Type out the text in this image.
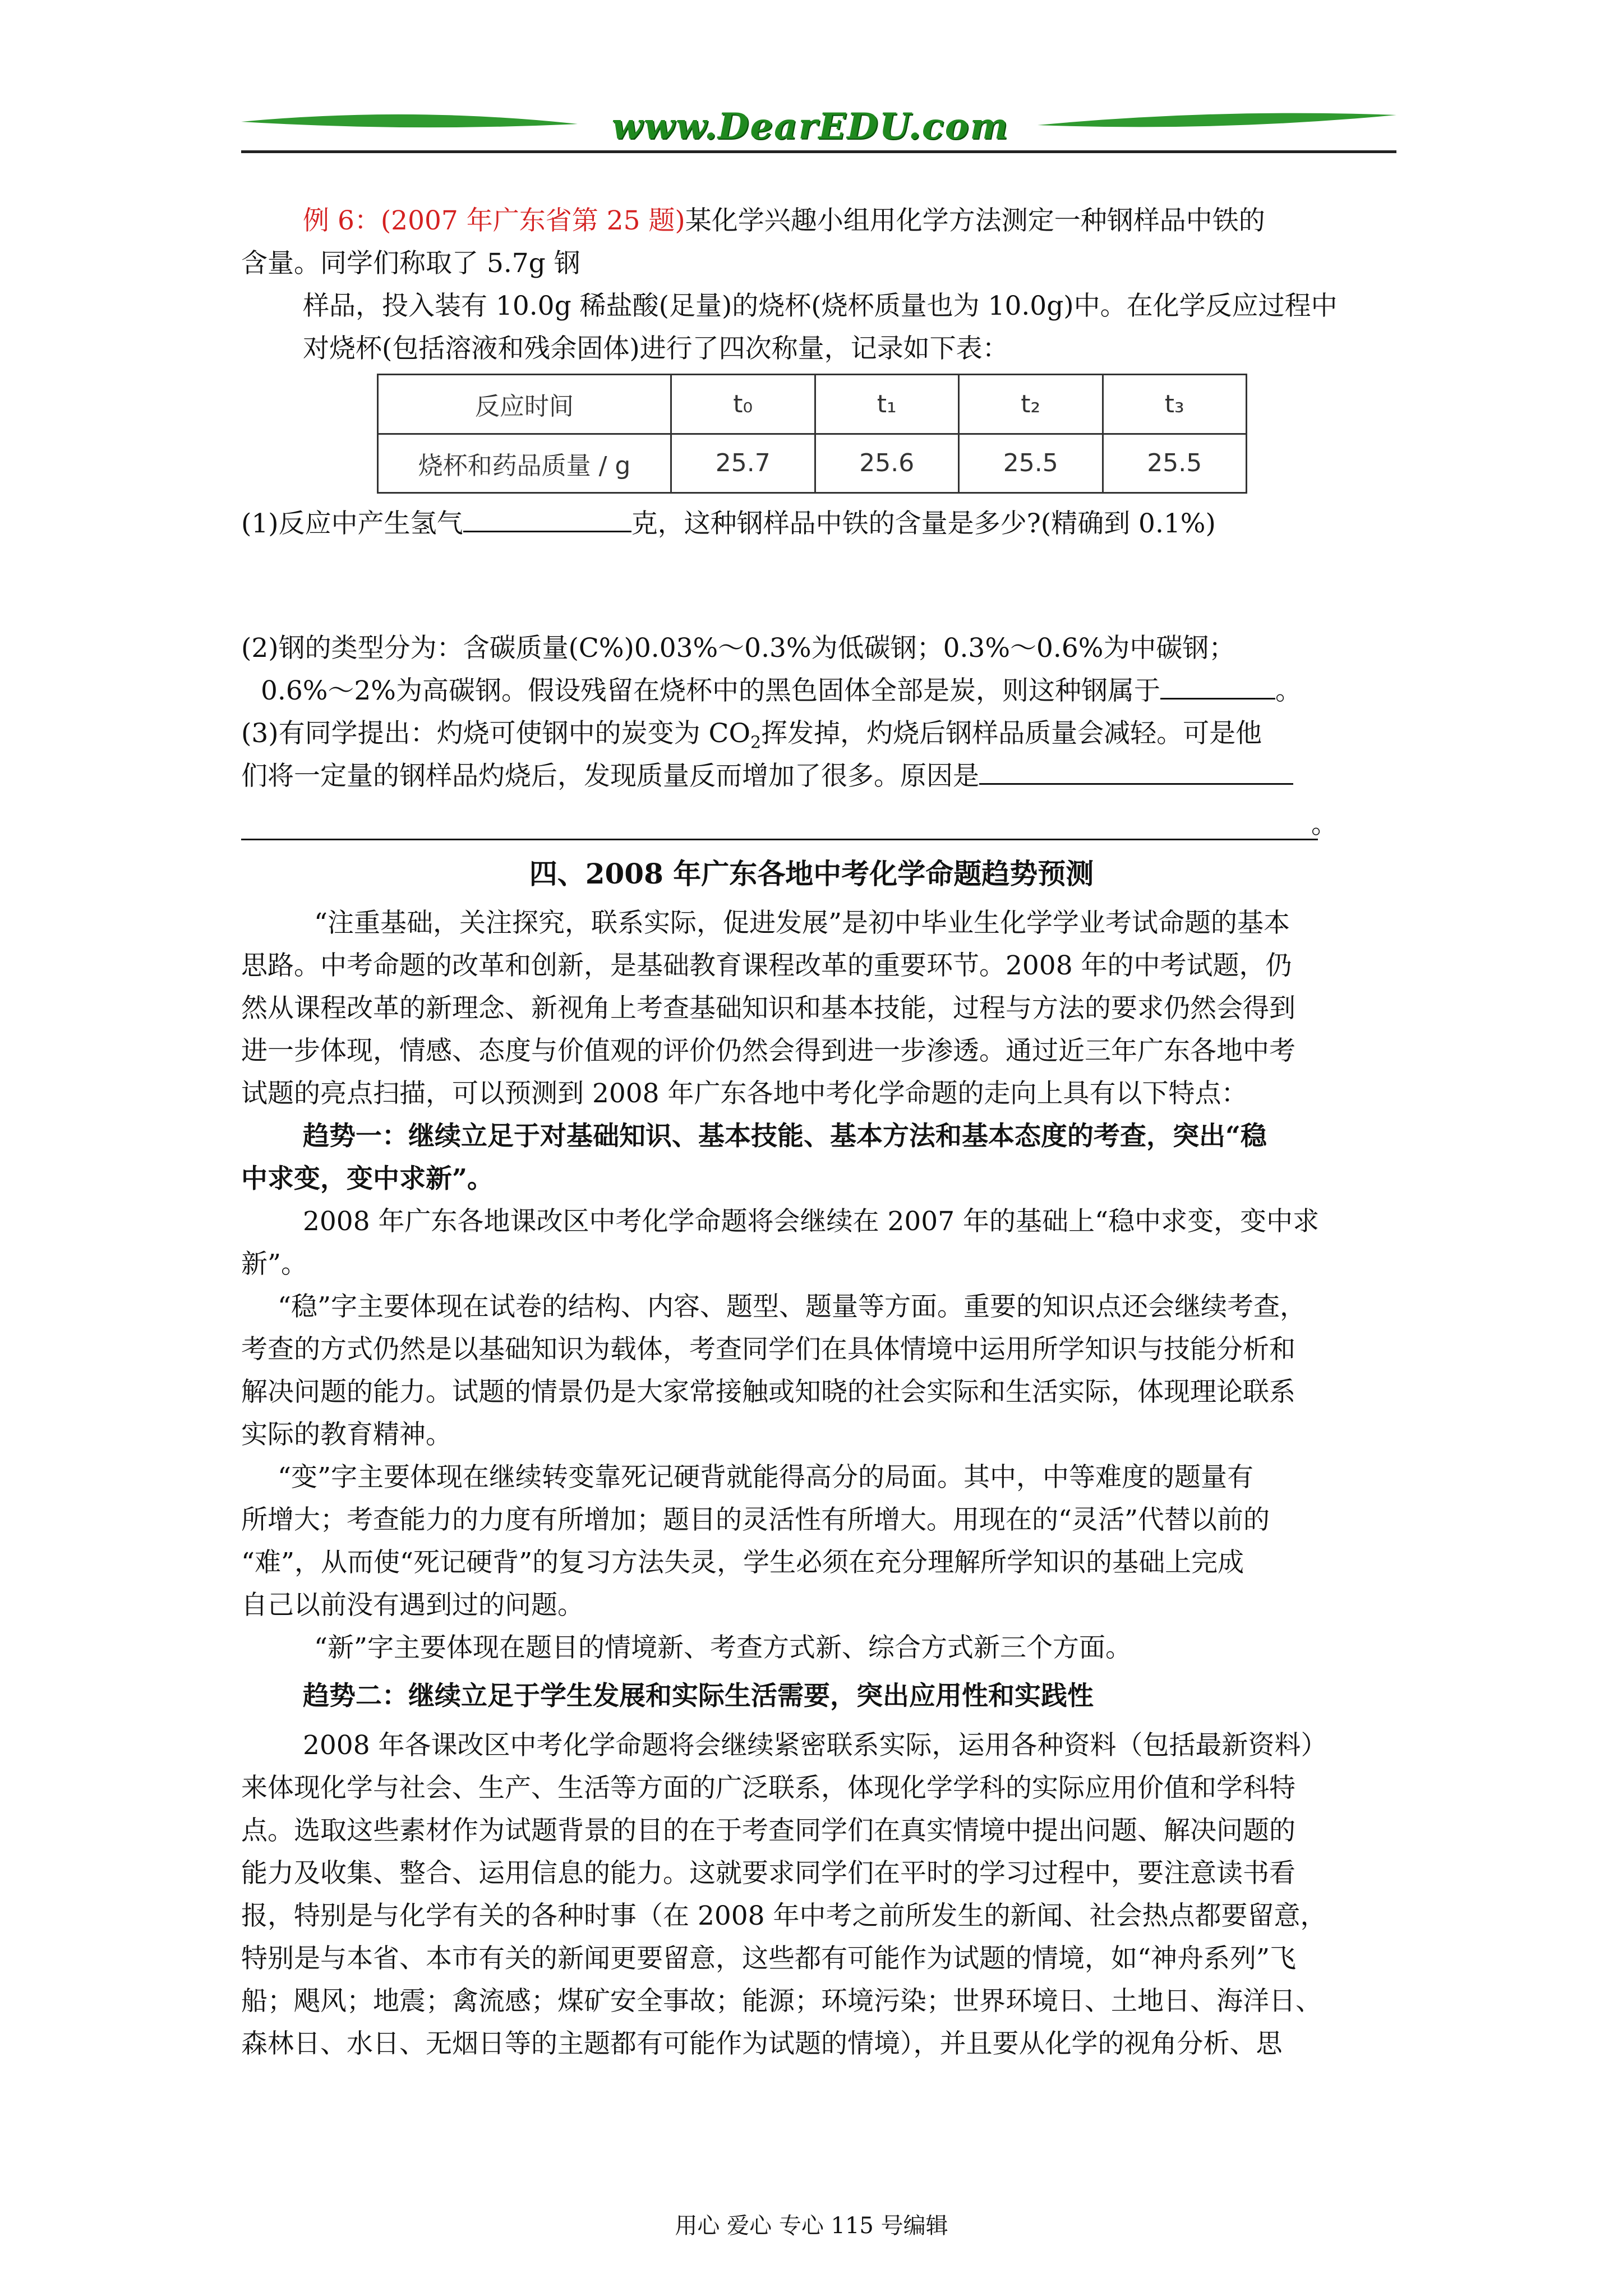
www.DearEDU.com

例 6：(2007 年广东省第 25 题)某化学兴趣小组用化学方法测定一种钢样品中铁的

含量。同学们称取了 5.7g 钢

样品，投入装有 10.0g 稀盐酸(足量)的烧杯(烧杯质量也为 10.0g)中。在化学反应过程中

对烧杯(包括溶液和残余固体)进行了四次称量，记录如下表：

反应时间	t₀	t₁	t₂	t₃
烧杯和药品质量 / g	25.7	25.6	25.5	25.5

(1)反应中产生氢气	克，这种钢样品中铁的含量是多少?(精确到 0.1%)

(2)钢的类型分为：含碳质量(C%)0.03%～0.3%为低碳钢；0.3%～0.6%为中碳钢；

0.6%～2%为高碳钢。假设残留在烧杯中的黑色固体全部是炭，则这种钢属于	。

(3)有同学提出：灼烧可使钢中的炭变为 $CO_2$挥发掉，灼烧后钢样品质量会减轻。可是他

们将一定量的钢样品灼烧后，发现质量反而增加了很多。原因是

。

四、2008 年广东各地中考化学命题趋势预测

“注重基础，关注探究，联系实际，促进发展”是初中毕业生化学学业考试命题的基本

思路。中考命题的改革和创新，是基础教育课程改革的重要环节。2008 年的中考试题，仍

然从课程改革的新理念、新视角上考查基础知识和基本技能，过程与方法的要求仍然会得到

进一步体现，情感、态度与价值观的评价仍然会得到进一步渗透。通过近三年广东各地中考

试题的亮点扫描，可以预测到 2008 年广东各地中考化学命题的走向上具有以下特点：

趋势一：继续立足于对基础知识、基本技能、基本方法和基本态度的考查，突出“稳

中求变，变中求新”。

2008 年广东各地课改区中考化学命题将会继续在 2007 年的基础上“稳中求变，变中求

新”。

“稳”字主要体现在试卷的结构、内容、题型、题量等方面。重要的知识点还会继续考查，

考查的方式仍然是以基础知识为载体，考查同学们在具体情境中运用所学知识与技能分析和

解决问题的能力。试题的情景仍是大家常接触或知晓的社会实际和生活实际，体现理论联系

实际的教育精神。

“变”字主要体现在继续转变靠死记硬背就能得高分的局面。其中，中等难度的题量有

所增大；考查能力的力度有所增加；题目的灵活性有所增大。用现在的“灵活”代替以前的

“难”，从而使“死记硬背”的复习方法失灵，学生必须在充分理解所学知识的基础上完成

自己以前没有遇到过的问题。

“新”字主要体现在题目的情境新、考查方式新、综合方式新三个方面。

趋势二：继续立足于学生发展和实际生活需要，突出应用性和实践性

2008 年各课改区中考化学命题将会继续紧密联系实际，运用各种资料（包括最新资料）

来体现化学与社会、生产、生活等方面的广泛联系，体现化学学科的实际应用价值和学科特

点。选取这些素材作为试题背景的目的在于考查同学们在真实情境中提出问题、解决问题的

能力及收集、整合、运用信息的能力。这就要求同学们在平时的学习过程中，要注意读书看

报，特别是与化学有关的各种时事（在 2008 年中考之前所发生的新闻、社会热点都要留意，

特别是与本省、本市有关的新闻更要留意，这些都有可能作为试题的情境，如“神舟系列”飞

船；飓风；地震；禽流感；煤矿安全事故；能源；环境污染；世界环境日、土地日、海洋日、

森林日、水日、无烟日等的主题都有可能作为试题的情境），并且要从化学的视角分析、思

用心 爱心 专心 115 号编辑
